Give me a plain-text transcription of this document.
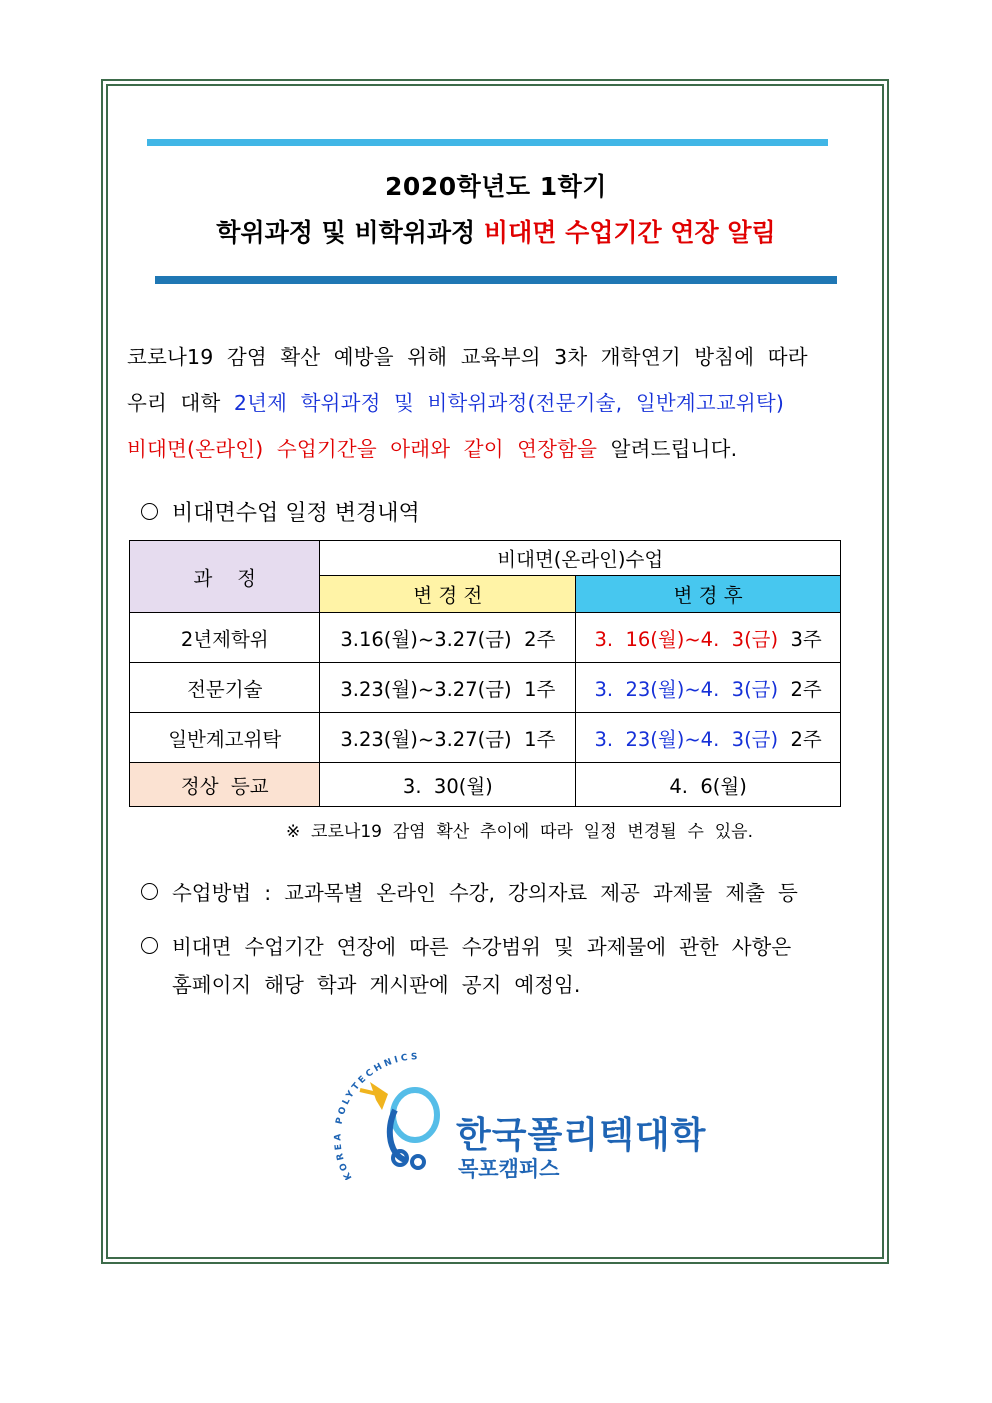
2020학년도 1학기
학위과정 및 비학위과정 비대면 수업기간 연장 알림
코로나19  감염  확산  예방을  위해  교육부의  3차  개학연기  방침에  따라
우리  대학  2년제  학위과정  및  비학위과정(전문기술,  일반계고교위탁)
비대면(온라인)  수업기간을  아래와  같이  연장함을  알려드립니다.
비대면수업 일정 변경내역
과    정	비대면(온라인)수업	
	변 경 전	변 경 후
2년제학위	3.16(월)~3.27(금)  2주	3.  16(월)~4.  3(금)  3주
전문기술	3.23(월)~3.27(금)  1주	3.  23(월)~4.  3(금)  2주
일반계고위탁	3.23(월)~3.27(금)  1주	3.  23(월)~4.  3(금)  2주
정상  등교	3.  30(월)	4.  6(월)
※  코로나19  감염  확산  추이에  따라  일정  변경될  수  있음.
수업방법  :  교과목별  온라인  수강,  강의자료  제공  과제물  제출  등
비대면  수업기간  연장에  따른  수강범위  및  과제물에  관한  사항은
홈페이지  해당  학과  게시판에  공지  예정임.
KOREA POLYTECHNICS
한국폴리텍대학
목포캠퍼스
